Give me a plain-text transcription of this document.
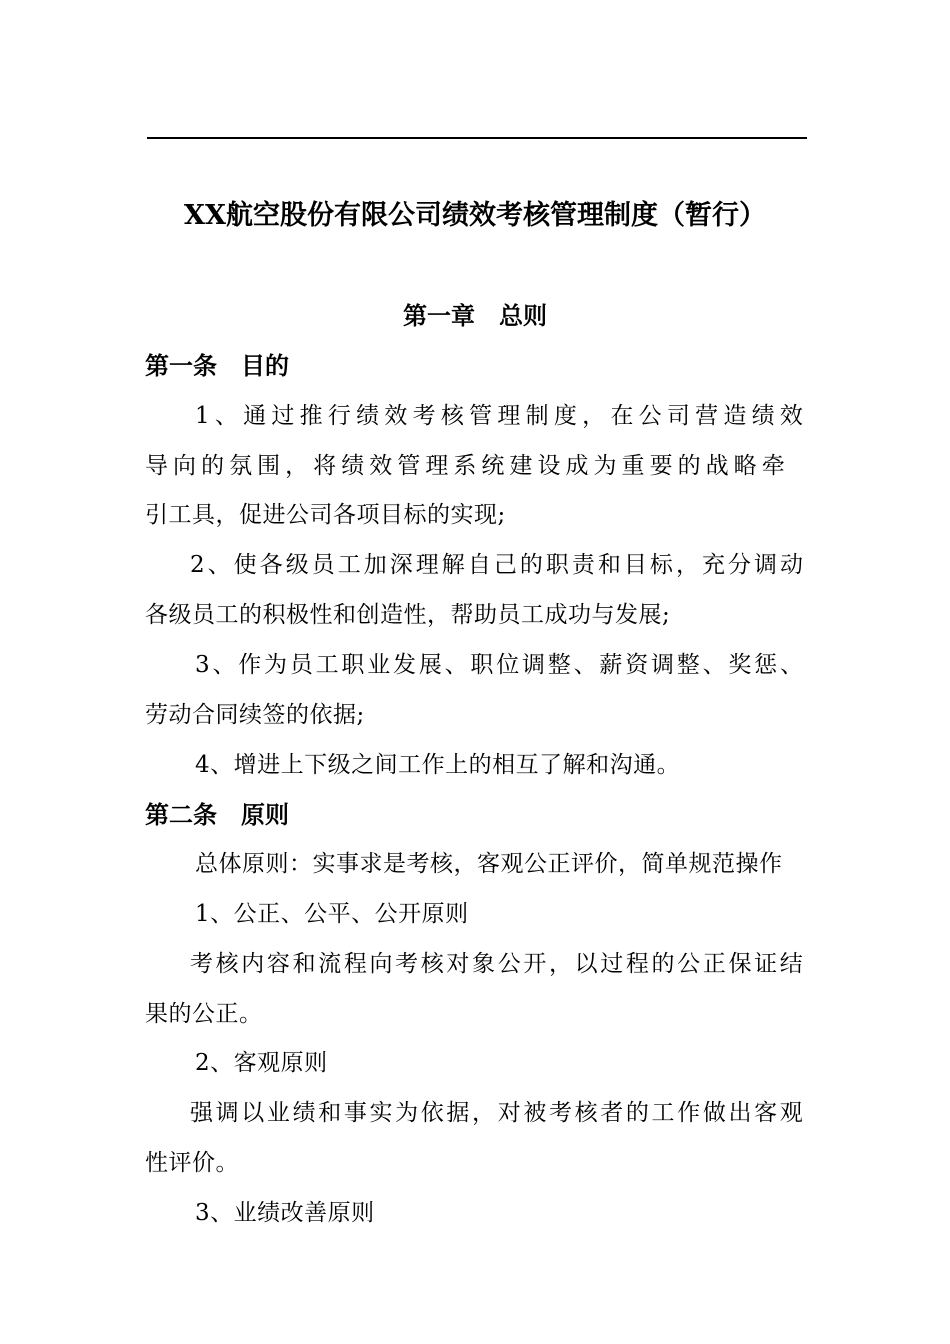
XX航空股份有限公司绩效考核管理制度（暂行）
第一章　总则
第一条　目的
1 、 通 过 推 行 绩 效 考 核 管 理 制 度 ， 在 公 司 营 造 绩 效
导 向 的 氛 围 ， 将 绩 效 管 理 系 统 建 设 成 为 重 要 的 战 略 牵
引工具，促进公司各项目标的实现;
2 、 使 各 级 员 工 加 深 理 解 自 己 的 职 责 和 目 标 ， 充 分 调 动
各级员工的积极性和创造性，帮助员工成功与发展;
3 、 作 为 员 工 职 业 发 展 、 职 位 调 整 、 薪 资 调 整 、 奖 惩 、
劳动合同续签的依据;
4、增进上下级之间工作上的相互了解和沟通。
第二条　原则
总体原则：实事求是考核，客观公正评价，简单规范操作
1、公正、公平、公开原则
考 核 内 容 和 流 程 向 考 核 对 象 公 开 ， 以 过 程 的 公 正 保 证 结
果的公正。
2、客观原则
强 调 以 业 绩 和 事 实 为 依 据 ， 对 被 考 核 者 的 工 作 做 出 客 观
性评价。
3、业绩改善原则
